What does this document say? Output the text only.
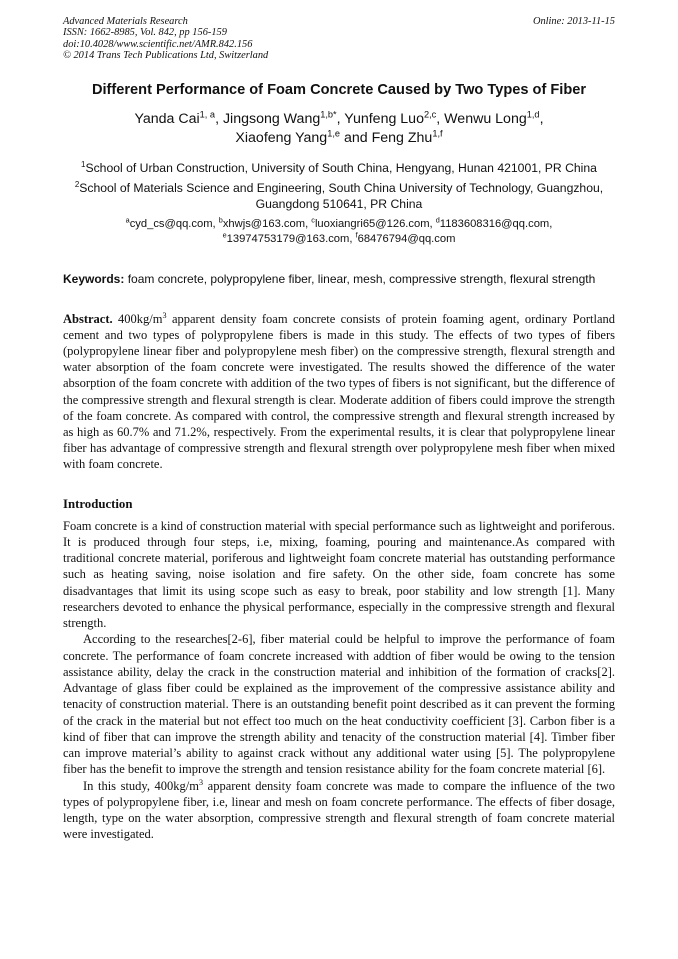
Advanced Materials Research
ISSN: 1662-8985, Vol. 842, pp 156-159
doi:10.4028/www.scientific.net/AMR.842.156
© 2014 Trans Tech Publications Ltd, Switzerland
Online: 2013-11-15
Different Performance of Foam Concrete Caused by Two Types of Fiber
Yanda Cai$^{1, a}$, Jingsong Wang$^{1,b*}$, Yunfeng Luo$^{2,c}$, Wenwu Long$^{1,d}$,
Xiaofeng Yang$^{1,e}$ and Feng Zhu$^{1,f}$
$^1$School of Urban Construction, University of South China, Hengyang, Hunan 421001, PR China
$^2$School of Materials Science and Engineering, South China University of Technology, Guangzhou, Guangdong 510641, PR China
$^a$cyd_cs@qq.com, $^b$xhwjs@163.com, $^c$luoxiangri65@126.com, $^d$1183608316@qq.com,
$^e$13974753179@163.com, $^f$68476794@qq.com
Keywords: foam concrete, polypropylene fiber, linear, mesh, compressive strength, flexural strength
Abstract. $400kg/m^3$ apparent density foam concrete consists of protein foaming agent, ordinary Portland cement and two types of polypropylene fibers is made in this study. The effects of two types of fibers (polypropylene linear fiber and polypropylene mesh fiber) on the compressive strength, flexural strength and water absorption of the foam concrete were investigated. The results showed the difference of the water absorption of the foam concrete with addition of the two types of fibers is not significant, but the difference of the compressive strength and flexural strength is clear. Moderate addition of fibers could improve the strength of the foam concrete. As compared with control, the compressive strength and flexural strength increased by as high as 60.7% and 71.2%, respectively. From the experimental results, it is clear that polypropylene linear fiber has advantage of compressive strength and flexural strength over polypropylene mesh fiber when mixed with foam concrete.
Introduction

Foam concrete is a kind of construction material with special performance such as lightweight and poriferous. It is produced through four steps, i.e, mixing, foaming, pouring and maintenance.As compared with traditional concrete material, poriferous and lightweight foam concrete material has outstanding performance such as heating saving, noise isolation and fire safety. On the other side, foam concrete has some disadvantages that limit its using scope such as easy to break, poor stability and low strength [1]. Many researchers devoted to enhance the physical performance, especially in the compressive strength and flexural strength.

According to the researches[2-6], fiber material could be helpful to improve the performance of foam concrete. The performance of foam concrete increased with addtion of fiber would be owing to the tension assistance ability, delay the crack in the construction material and inhibition of the formation of cracks[2]. Advantage of glass fiber could be explained as the improvement of the compressive assistance ability and tenacity of construction material. There is an outstanding benefit point described as it can prevent the forming of the crack in the material but not effect too much on the heat conductivity coefficient [3]. Carbon fiber is a kind of fiber that can improve the strength ability and tenacity of the construction material [4]. Timber fiber can improve material’s ability to against crack without any additional water using [5]. The polypropylene fiber has the benefit to improve the strength and tension resistance ability for the foam concrete material [6].

In this study, $400kg/m^3$ apparent density foam concrete was made to compare the influence of the two types of polypropylene fiber, i.e, linear and mesh on foam concrete performance. The effects of fiber dosage, length, type on the water absorption, compressive strength and flexural strength of foam concrete material were investigated.
